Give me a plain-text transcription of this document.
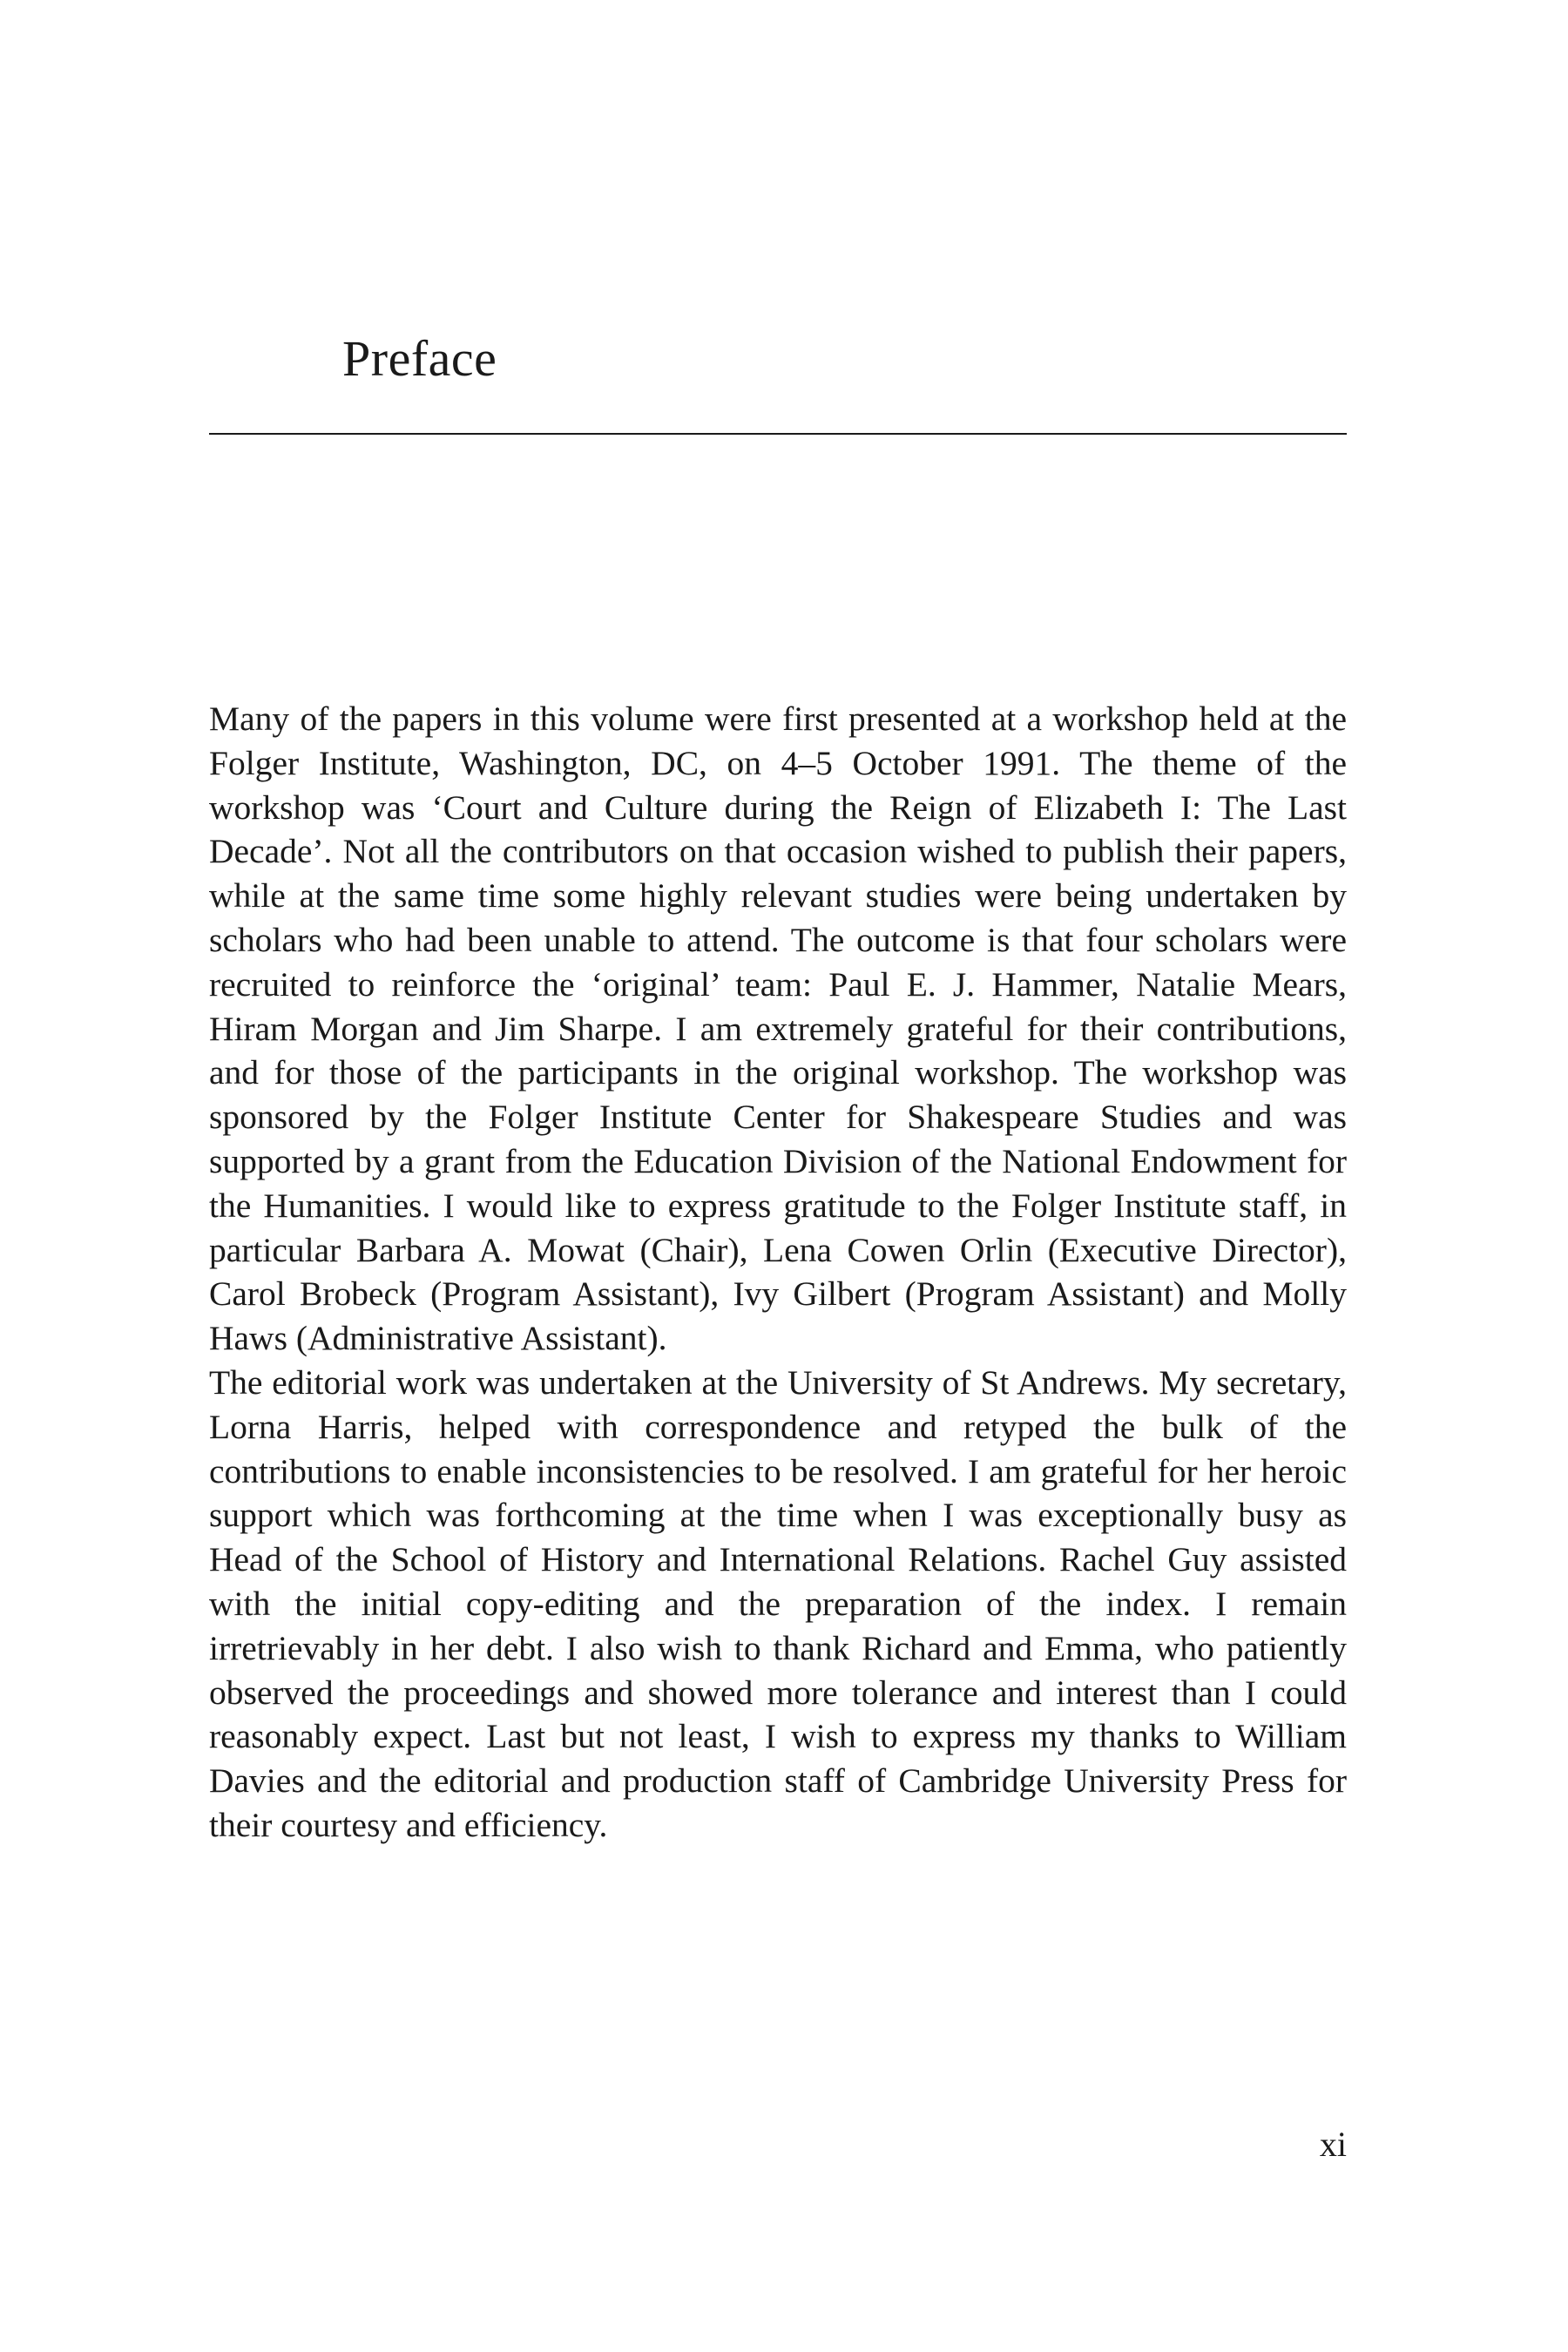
Preface

Many of the papers in this volume were first presented at a workshop held at the Folger Institute, Washington, DC, on 4–5 October 1991. The theme of the workshop was ‘Court and Culture during the Reign of Elizabeth I: The Last Decade’. Not all the contributors on that occasion wished to publish their papers, while at the same time some highly relevant studies were being undertaken by scholars who had been unable to attend. The outcome is that four scholars were recruited to reinforce the ‘original’ team: Paul E. J. Hammer, Natalie Mears, Hiram Morgan and Jim Sharpe. I am extremely grateful for their contributions, and for those of the participants in the original workshop. The workshop was sponsored by the Folger Institute Center for Shakespeare Studies and was supported by a grant from the Education Division of the National Endowment for the Humanities. I would like to express gratitude to the Folger Institute staff, in particular Barbara A. Mowat (Chair), Lena Cowen Orlin (Executive Director), Carol Brobeck (Program Assistant), Ivy Gilbert (Program Assistant) and Molly Haws (Administrative Assistant).

The editorial work was undertaken at the University of St Andrews. My secretary, Lorna Harris, helped with correspondence and retyped the bulk of the contributions to enable inconsistencies to be resolved. I am grateful for her heroic support which was forthcoming at the time when I was exceptionally busy as Head of the School of History and International Relations. Rachel Guy assisted with the initial copy-editing and the preparation of the index. I remain irretrievably in her debt. I also wish to thank Richard and Emma, who patiently observed the proceedings and showed more tolerance and interest than I could reasonably expect. Last but not least, I wish to express my thanks to William Davies and the editorial and production staff of Cambridge University Press for their courtesy and efficiency.

xi
